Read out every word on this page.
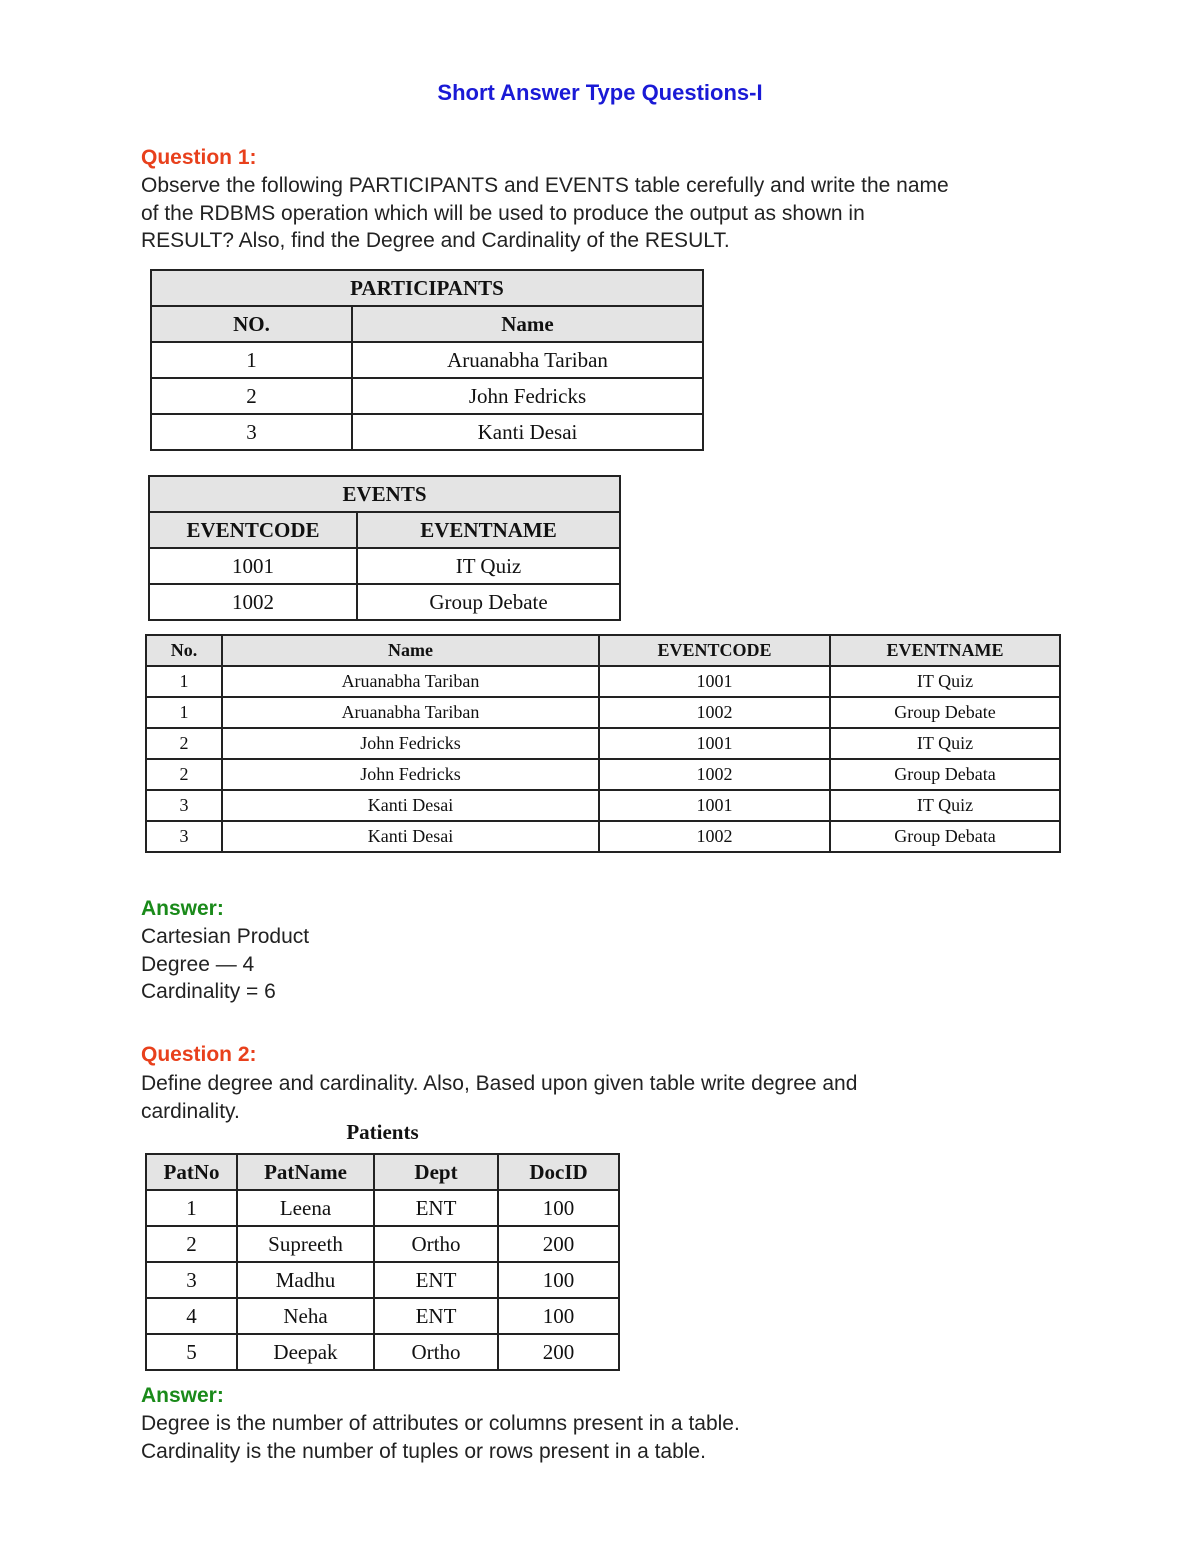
Short Answer Type Questions-I
Question 1:
Observe the following PARTICIPANTS and EVENTS table cerefully and write the name
of the RDBMS operation which will be used to produce the output as shown in
RESULT? Also, find the Degree and Cardinality of the RESULT.
PARTICIPANTS	
NO.	Name
1	Aruanabha Tariban
2	John Fedricks
3	Kanti Desai
EVENTS	
EVENTCODE	EVENTNAME
1001	IT Quiz
1002	Group Debate
No.	Name	EVENTCODE	EVENTNAME
1	Aruanabha Tariban	1001	IT Quiz
1	Aruanabha Tariban	1002	Group Debate
2	John Fedricks	1001	IT Quiz
2	John Fedricks	1002	Group Debata
3	Kanti Desai	1001	IT Quiz
3	Kanti Desai	1002	Group Debata
Answer:
Cartesian Product
Degree — 4
Cardinality = 6
Question 2:
Define degree and cardinality. Also, Based upon given table write degree and
cardinality.
Patients
PatNo	PatName	Dept	DocID
1	Leena	ENT	100
2	Supreeth	Ortho	200
3	Madhu	ENT	100
4	Neha	ENT	100
5	Deepak	Ortho	200
Answer:
Degree is the number of attributes or columns present in a table.
Cardinality is the number of tuples or rows present in a table.
